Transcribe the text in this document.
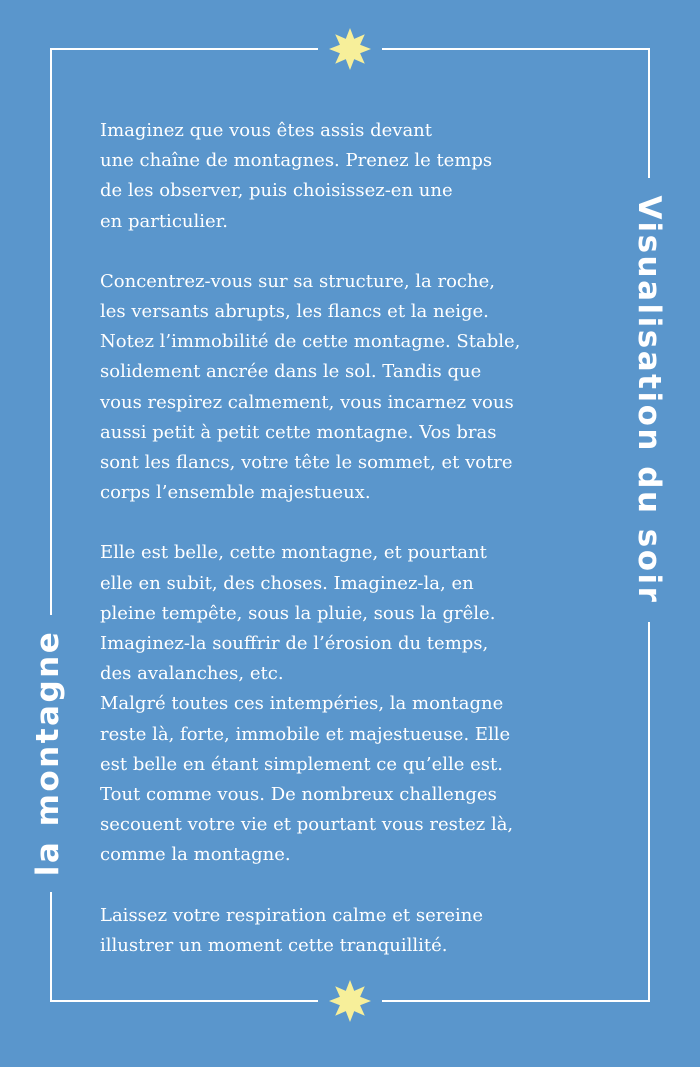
Visualisation du soir
la montagne

Imaginez que vous êtes assis devant
une chaîne de montagnes. Prenez le temps
de les observer, puis choisissez-en une
en particulier.

Concentrez-vous sur sa structure, la roche,
les versants abrupts, les flancs et la neige.
Notez l’immobilité de cette montagne. Stable,
solidement ancrée dans le sol. Tandis que
vous respirez calmement, vous incarnez vous
aussi petit à petit cette montagne. Vos bras
sont les flancs, votre tête le sommet, et votre
corps l’ensemble majestueux.

Elle est belle, cette montagne, et pourtant
elle en subit, des choses. Imaginez-la, en
pleine tempête, sous la pluie, sous la grêle.
Imaginez-la souffrir de l’érosion du temps,
des avalanches, etc.
Malgré toutes ces intempéries, la montagne
reste là, forte, immobile et majestueuse. Elle
est belle en étant simplement ce qu’elle est.
Tout comme vous. De nombreux challenges
secouent votre vie et pourtant vous restez là,
comme la montagne.

Laissez votre respiration calme et sereine
illustrer un moment cette tranquillité.
